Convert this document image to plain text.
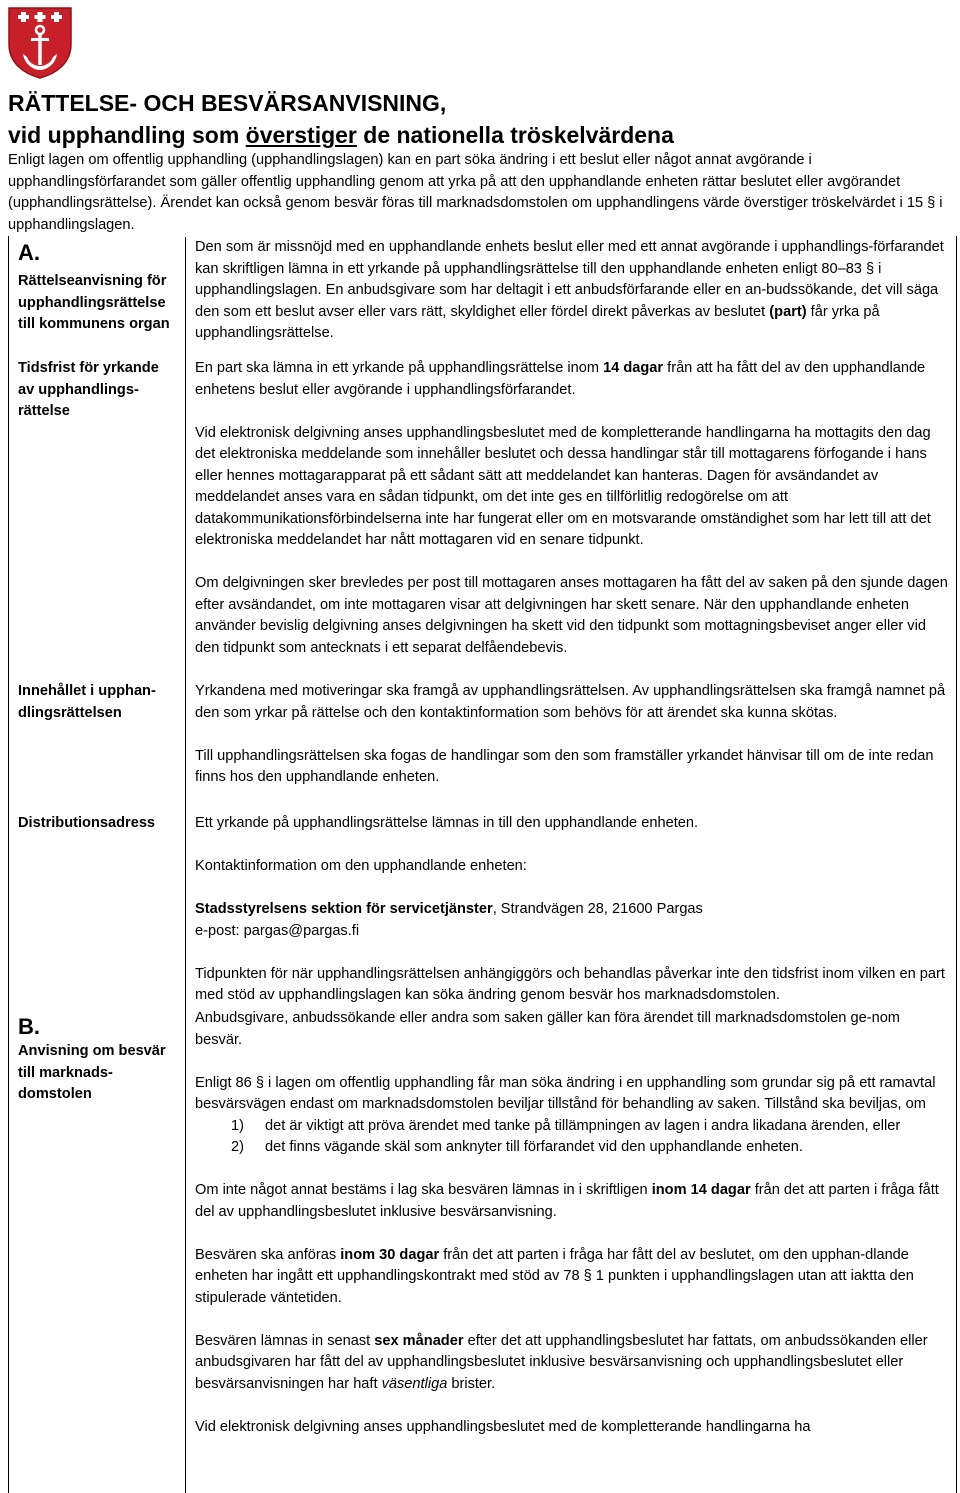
RÄTTELSE- OCH BESVÄRSANVISNING,
vid upphandling som överstiger de nationella tröskelvärdena
Enligt lagen om offentlig upphandling (upphandlingslagen) kan en part söka ändring i ett beslut eller något annat avgörande i upphandlingsförfarandet som gäller offentlig upphandling genom att yrka på att den upphandlande enheten rättar beslutet eller avgörandet (upphandlingsrättelse). Ärendet kan också genom besvär föras till marknadsdomstolen om upphandlingens värde överstiger tröskelvärdet i 15 § i upphandlingslagen.
A.
Rättelseanvisning för upphandlingsrättelse till kommunens organ
Tidsfrist för yrkande av upphandlings-rättelse
Innehållet i upphan-dlingsrättelsen
Distributionsadress
B.
Anvisning om besvär till marknads-domstolen

Den som är missnöjd med en upphandlande enhets beslut eller med ett annat avgörande i upphandlings-förfarandet kan skriftligen lämna in ett yrkande på upphandlingsrättelse till den upphandlande enheten enligt 80–83 § i upphandlingslagen. En anbudsgivare som har deltagit i ett anbudsförfarande eller en an-budssökande, det vill säga den som ett beslut avser eller vars rätt, skyldighet eller fördel direkt påverkas av beslutet (part) får yrka på upphandlingsrättelse.

En part ska lämna in ett yrkande på upphandlingsrättelse inom 14 dagar från att ha fått del av den upphandlande enhetens beslut eller avgörande i upphandlingsförfarandet.

Vid elektronisk delgivning anses upphandlingsbeslutet med de kompletterande handlingarna ha mottagits den dag det elektroniska meddelande som innehåller beslutet och dessa handlingar står till mottagarens förfogande i hans eller hennes mottagarapparat på ett sådant sätt att meddelandet kan hanteras. Dagen för avsändandet av meddelandet anses vara en sådan tidpunkt, om det inte ges en tillförlitlig redogörelse om att datakommunikationsförbindelserna inte har fungerat eller om en motsvarande omständighet som har lett till att det elektroniska meddelandet har nått mottagaren vid en senare tidpunkt.

Om delgivningen sker brevledes per post till mottagaren anses mottagaren ha fått del av saken på den sjunde dagen efter avsändandet, om inte mottagaren visar att delgivningen har skett senare. När den upphandlande enheten använder bevislig delgivning anses delgivningen ha skett vid den tidpunkt som mottagningsbeviset anger eller vid den tidpunkt som antecknats i ett separat delfåendebevis.

Yrkandena med motiveringar ska framgå av upphandlingsrättelsen. Av upphandlingsrättelsen ska framgå namnet på den som yrkar på rättelse och den kontaktinformation som behövs för att ärendet ska kunna skötas.

Till upphandlingsrättelsen ska fogas de handlingar som den som framställer yrkandet hänvisar till om de inte redan finns hos den upphandlande enheten.

Ett yrkande på upphandlingsrättelse lämnas in till den upphandlande enheten.

Kontaktinformation om den upphandlande enheten:

Stadsstyrelsens sektion för servicetjänster, Strandvägen 28, 21600 Pargas

e-post: pargas@pargas.fi

Tidpunkten för när upphandlingsrättelsen anhängiggörs och behandlas påverkar inte den tidsfrist inom vilken en part med stöd av upphandlingslagen kan söka ändring genom besvär hos marknadsdomstolen.

Anbudsgivare, anbudssökande eller andra som saken gäller kan föra ärendet till marknadsdomstolen ge-nom besvär.

Enligt 86 § i lagen om offentlig upphandling får man söka ändring i en upphandling som grundar sig på ett ramavtal besvärsvägen endast om marknadsdomstolen beviljar tillstånd för behandling av saken. Tillstånd ska beviljas, om

1) det är viktigt att pröva ärendet med tanke på tillämpningen av lagen i andra likadana ärenden, eller
2) det finns vägande skäl som anknyter till förfarandet vid den upphandlande enheten.

Om inte något annat bestäms i lag ska besvären lämnas in i skriftligen inom 14 dagar från det att parten i fråga fått del av upphandlingsbeslutet inklusive besvärsanvisning.

Besvären ska anföras inom 30 dagar från det att parten i fråga har fått del av beslutet, om den upphan-dlande enheten har ingått ett upphandlingskontrakt med stöd av 78 § 1 punkten i upphandlingslagen utan att iaktta den stipulerade väntetiden.

Besvären lämnas in senast sex månader efter det att upphandlingsbeslutet har fattats, om anbudssökanden eller anbudsgivaren har fått del av upphandlingsbeslutet inklusive besvärsanvisning och upphandlingsbeslutet eller besvärsanvisningen har haft väsentliga brister.

Vid elektronisk delgivning anses upphandlingsbeslutet med de kompletterande handlingarna ha
